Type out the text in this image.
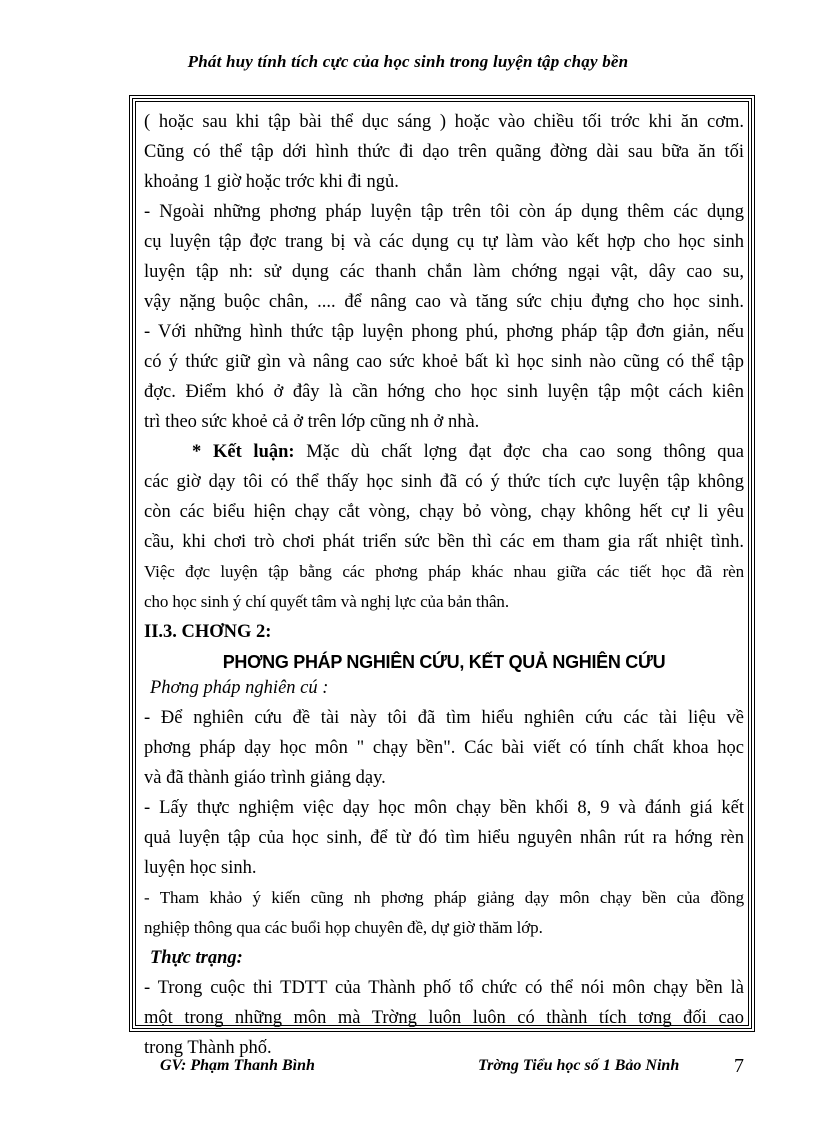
Phát huy tính tích cực của học sinh trong luyện tập chạy bền
( hoặc sau khi tập bài thể dục sáng ) hoặc vào chiều tối trớc khi ăn cơm.
Cũng có thể tập dới hình thức đi dạo trên quãng đờng dài sau bữa ăn tối
khoảng 1 giờ hoặc trớc khi đi ngủ.
- Ngoài những phơng pháp luyện tập trên tôi còn áp dụng thêm các dụng
cụ luyện tập đợc trang bị và các dụng cụ tự làm vào kết hợp cho học sinh
luyện tập nh: sử dụng các thanh chắn làm chớng ngại vật, dây cao su,
vậy nặng buộc chân, .... để nâng cao và tăng sức chịu đựng cho học sinh.
- Với những hình thức tập luyện phong phú, phơng pháp tập đơn giản, nếu
có ý thức giữ gìn và nâng cao sức khoẻ bất kì học sinh nào cũng có thể tập
đợc. Điểm khó ở đây là cần hớng cho học sinh luyện tập một cách kiên
trì theo sức khoẻ cả ở trên lớp cũng nh ở nhà.
* Kết luận: Mặc dù chất lợng đạt đợc cha cao song thông qua
các giờ dạy tôi có thể thấy học sinh đã có ý thức tích cực luyện tập không
còn các biểu hiện chạy cắt vòng, chạy bỏ vòng, chạy không hết cự li yêu
cầu, khi chơi trò chơi phát triển sức bền thì các em tham gia rất nhiệt tình.
Việc đợc luyện tập bằng các phơng pháp khác nhau giữa các tiết học đã rèn
cho học sinh ý chí quyết tâm và nghị lực của bản thân.
II.3. CHƠNG 2:
PHƠNG PHÁP NGHIÊN CỨU, KẾT QUẢ NGHIÊN CỨU
Phơng pháp nghiên cú :
- Để nghiên cứu đề tài này tôi đã tìm hiểu nghiên cứu các tài liệu về
phơng pháp dạy học môn " chạy bền". Các bài viết có tính chất khoa học
và đã thành giáo trình giảng dạy.
- Lấy thực nghiệm việc dạy học môn chạy bền khối 8, 9 và đánh giá kết
quả luyện tập của học sinh, để từ đó tìm hiểu nguyên nhân rút ra hớng rèn
luyện học sinh.
- Tham khảo ý kiến cũng nh phơng pháp giảng dạy môn chạy bền của đồng
nghiệp thông qua các buổi họp chuyên đề, dự giờ thăm lớp.
Thực trạng:
- Trong cuộc thi TDTT của Thành phố tổ chức có thể nói môn chạy bền là
một trong những môn mà Trờng luôn luôn có thành tích tơng đối cao
trong Thành phố.
GV: Phạm Thanh Bình	Trờng Tiểu học số 1 Bảo Ninh	7
